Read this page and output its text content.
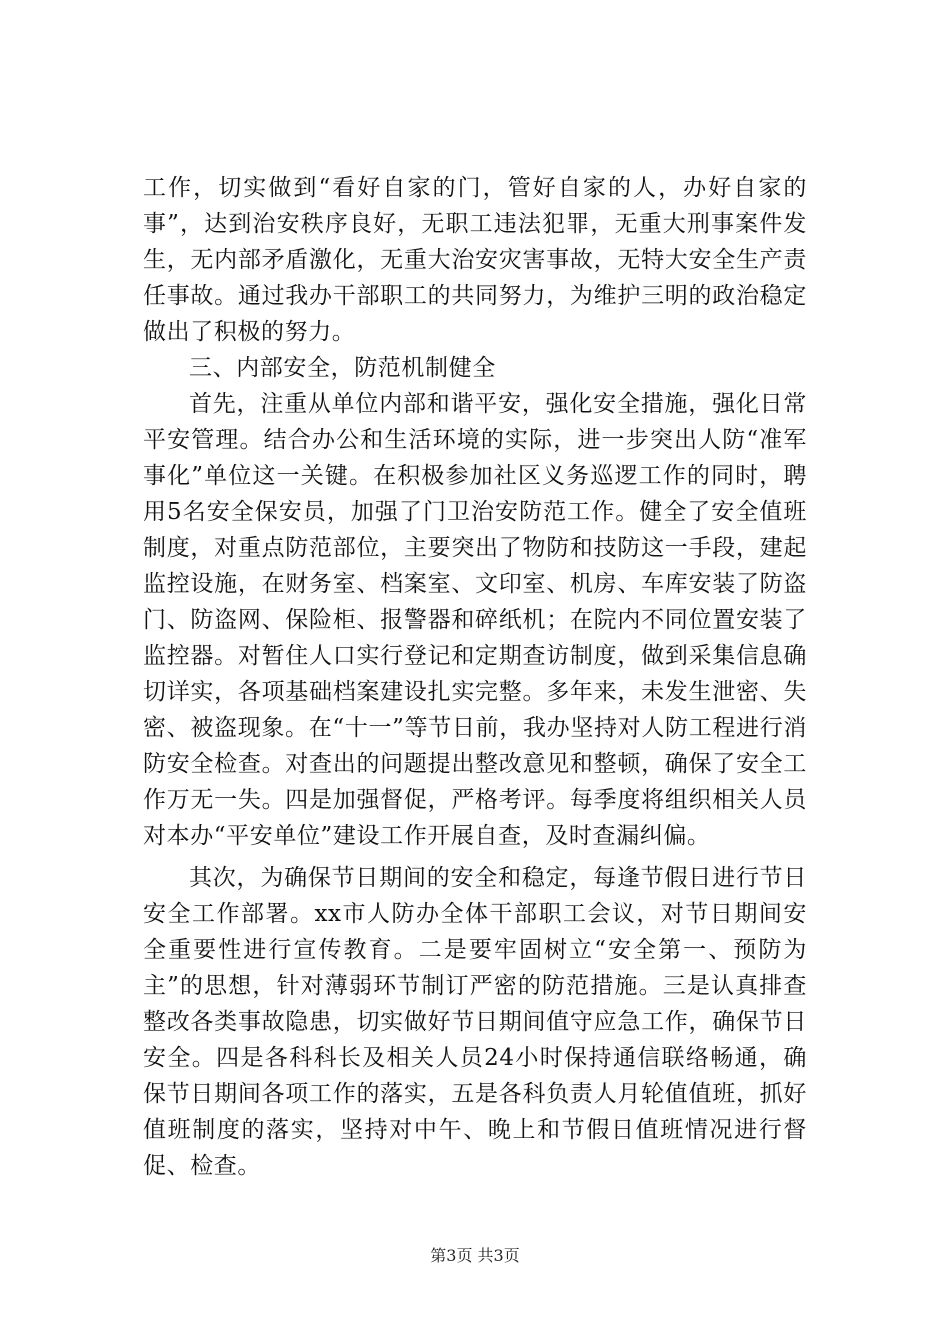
工作，切实做到“看好自家的门，管好自家的人，办好自家的事”，达到治安秩序良好，无职工违法犯罪，无重大刑事案件发生，无内部矛盾激化，无重大治安灾害事故，无特大安全生产责任事故。通过我办干部职工的共同努力，为维护三明的政治稳定做出了积极的努力。

三、内部安全，防范机制健全

首先，注重从单位内部和谐平安，强化安全措施，强化日常平安管理。结合办公和生活环境的实际，进一步突出人防“准军事化”单位这一关键。在积极参加社区义务巡逻工作的同时，聘用5名安全保安员，加强了门卫治安防范工作。健全了安全值班制度，对重点防范部位，主要突出了物防和技防这一手段，建起监控设施，在财务室、档案室、文印室、机房、车库安装了防盗门、防盗网、保险柜、报警器和碎纸机；在院内不同位置安装了监控器。对暂住人口实行登记和定期查访制度，做到采集信息确切详实，各项基础档案建设扎实完整。多年来，未发生泄密、失密、被盗现象。在“十一”等节日前，我办坚持对人防工程进行消防安全检查。对查出的问题提出整改意见和整顿，确保了安全工作万无一失。四是加强督促，严格考评。每季度将组织相关人员对本办“平安单位”建设工作开展自查，及时查漏纠偏。

其次，为确保节日期间的安全和稳定，每逢节假日进行节日安全工作部署。xx市人防办全体干部职工会议，对节日期间安全重要性进行宣传教育。二是要牢固树立“安全第一、预防为主”的思想，针对薄弱环节制订严密的防范措施。三是认真排查整改各类事故隐患，切实做好节日期间值守应急工作，确保节日安全。四是各科科长及相关人员24小时保持通信联络畅通，确保节日期间各项工作的落实，五是各科负责人月轮值值班，抓好值班制度的落实，坚持对中午、晚上和节假日值班情况进行督促、检查。

第3页 共3页
